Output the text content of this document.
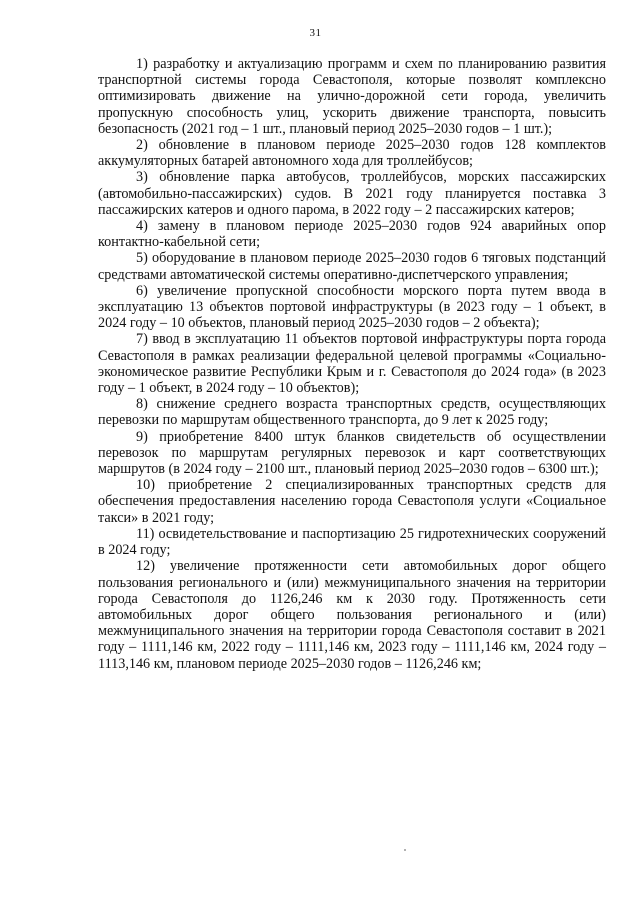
31

1) разработку и актуализацию программ и схем по планированию развития транспортной системы города Севастополя, которые позволят комплексно оптимизировать движение на улично-дорожной сети города, увеличить пропускную способность улиц, ускорить движение транспорта, повысить безопасность (2021 год – 1 шт., плановый период 2025–2030 годов – 1 шт.);

2) обновление в плановом периоде 2025–2030 годов 128 комплектов аккумуляторных батарей автономного хода для троллейбусов;

3) обновление парка автобусов, троллейбусов, морских пассажирских (автомобильно-пассажирских) судов. В 2021 году планируется поставка 3 пассажирских катеров и одного парома, в 2022 году – 2 пассажирских катеров;

4) замену в плановом периоде 2025–2030 годов 924 аварийных опор контактно-кабельной сети;

5) оборудование в плановом периоде 2025–2030 годов 6 тяговых подстанций средствами автоматической системы оперативно-диспетчерского управления;

6) увеличение пропускной способности морского порта путем ввода в эксплуатацию 13 объектов портовой инфраструктуры (в 2023 году – 1 объект, в 2024 году – 10 объектов, плановый период 2025–2030 годов – 2 объекта);

7) ввод в эксплуатацию 11 объектов портовой инфраструктуры порта города Севастополя в рамках реализации федеральной целевой программы «Социально-экономическое развитие Республики Крым и г. Севастополя до 2024 года» (в 2023 году – 1 объект, в 2024 году – 10 объектов);

8) снижение среднего возраста транспортных средств, осуществляющих перевозки по маршрутам общественного транспорта, до 9 лет к 2025 году;

9) приобретение 8400 штук бланков свидетельств об осуществлении перевозок по маршрутам регулярных перевозок и карт соответствующих маршрутов (в 2024 году – 2100 шт., плановый период 2025–2030 годов – 6300 шт.);

10) приобретение 2 специализированных транспортных средств для обеспечения предоставления населению города Севастополя услуги «Социальное такси» в 2021 году;

11) освидетельствование и паспортизацию 25 гидротехнических сооружений в 2024 году;

12) увеличение протяженности сети автомобильных дорог общего пользования регионального и (или) межмуниципального значения на территории города Севастополя до 1126,246 км к 2030 году. Протяженность сети автомобильных дорог общего пользования регионального и (или) межмуниципального значения на территории города Севастополя составит в 2021 году – 1111,146 км, 2022 году – 1111,146 км, 2023 году – 1111,146 км, 2024 году – 1113,146 км, плановом периоде 2025–2030 годов – 1126,246 км;
